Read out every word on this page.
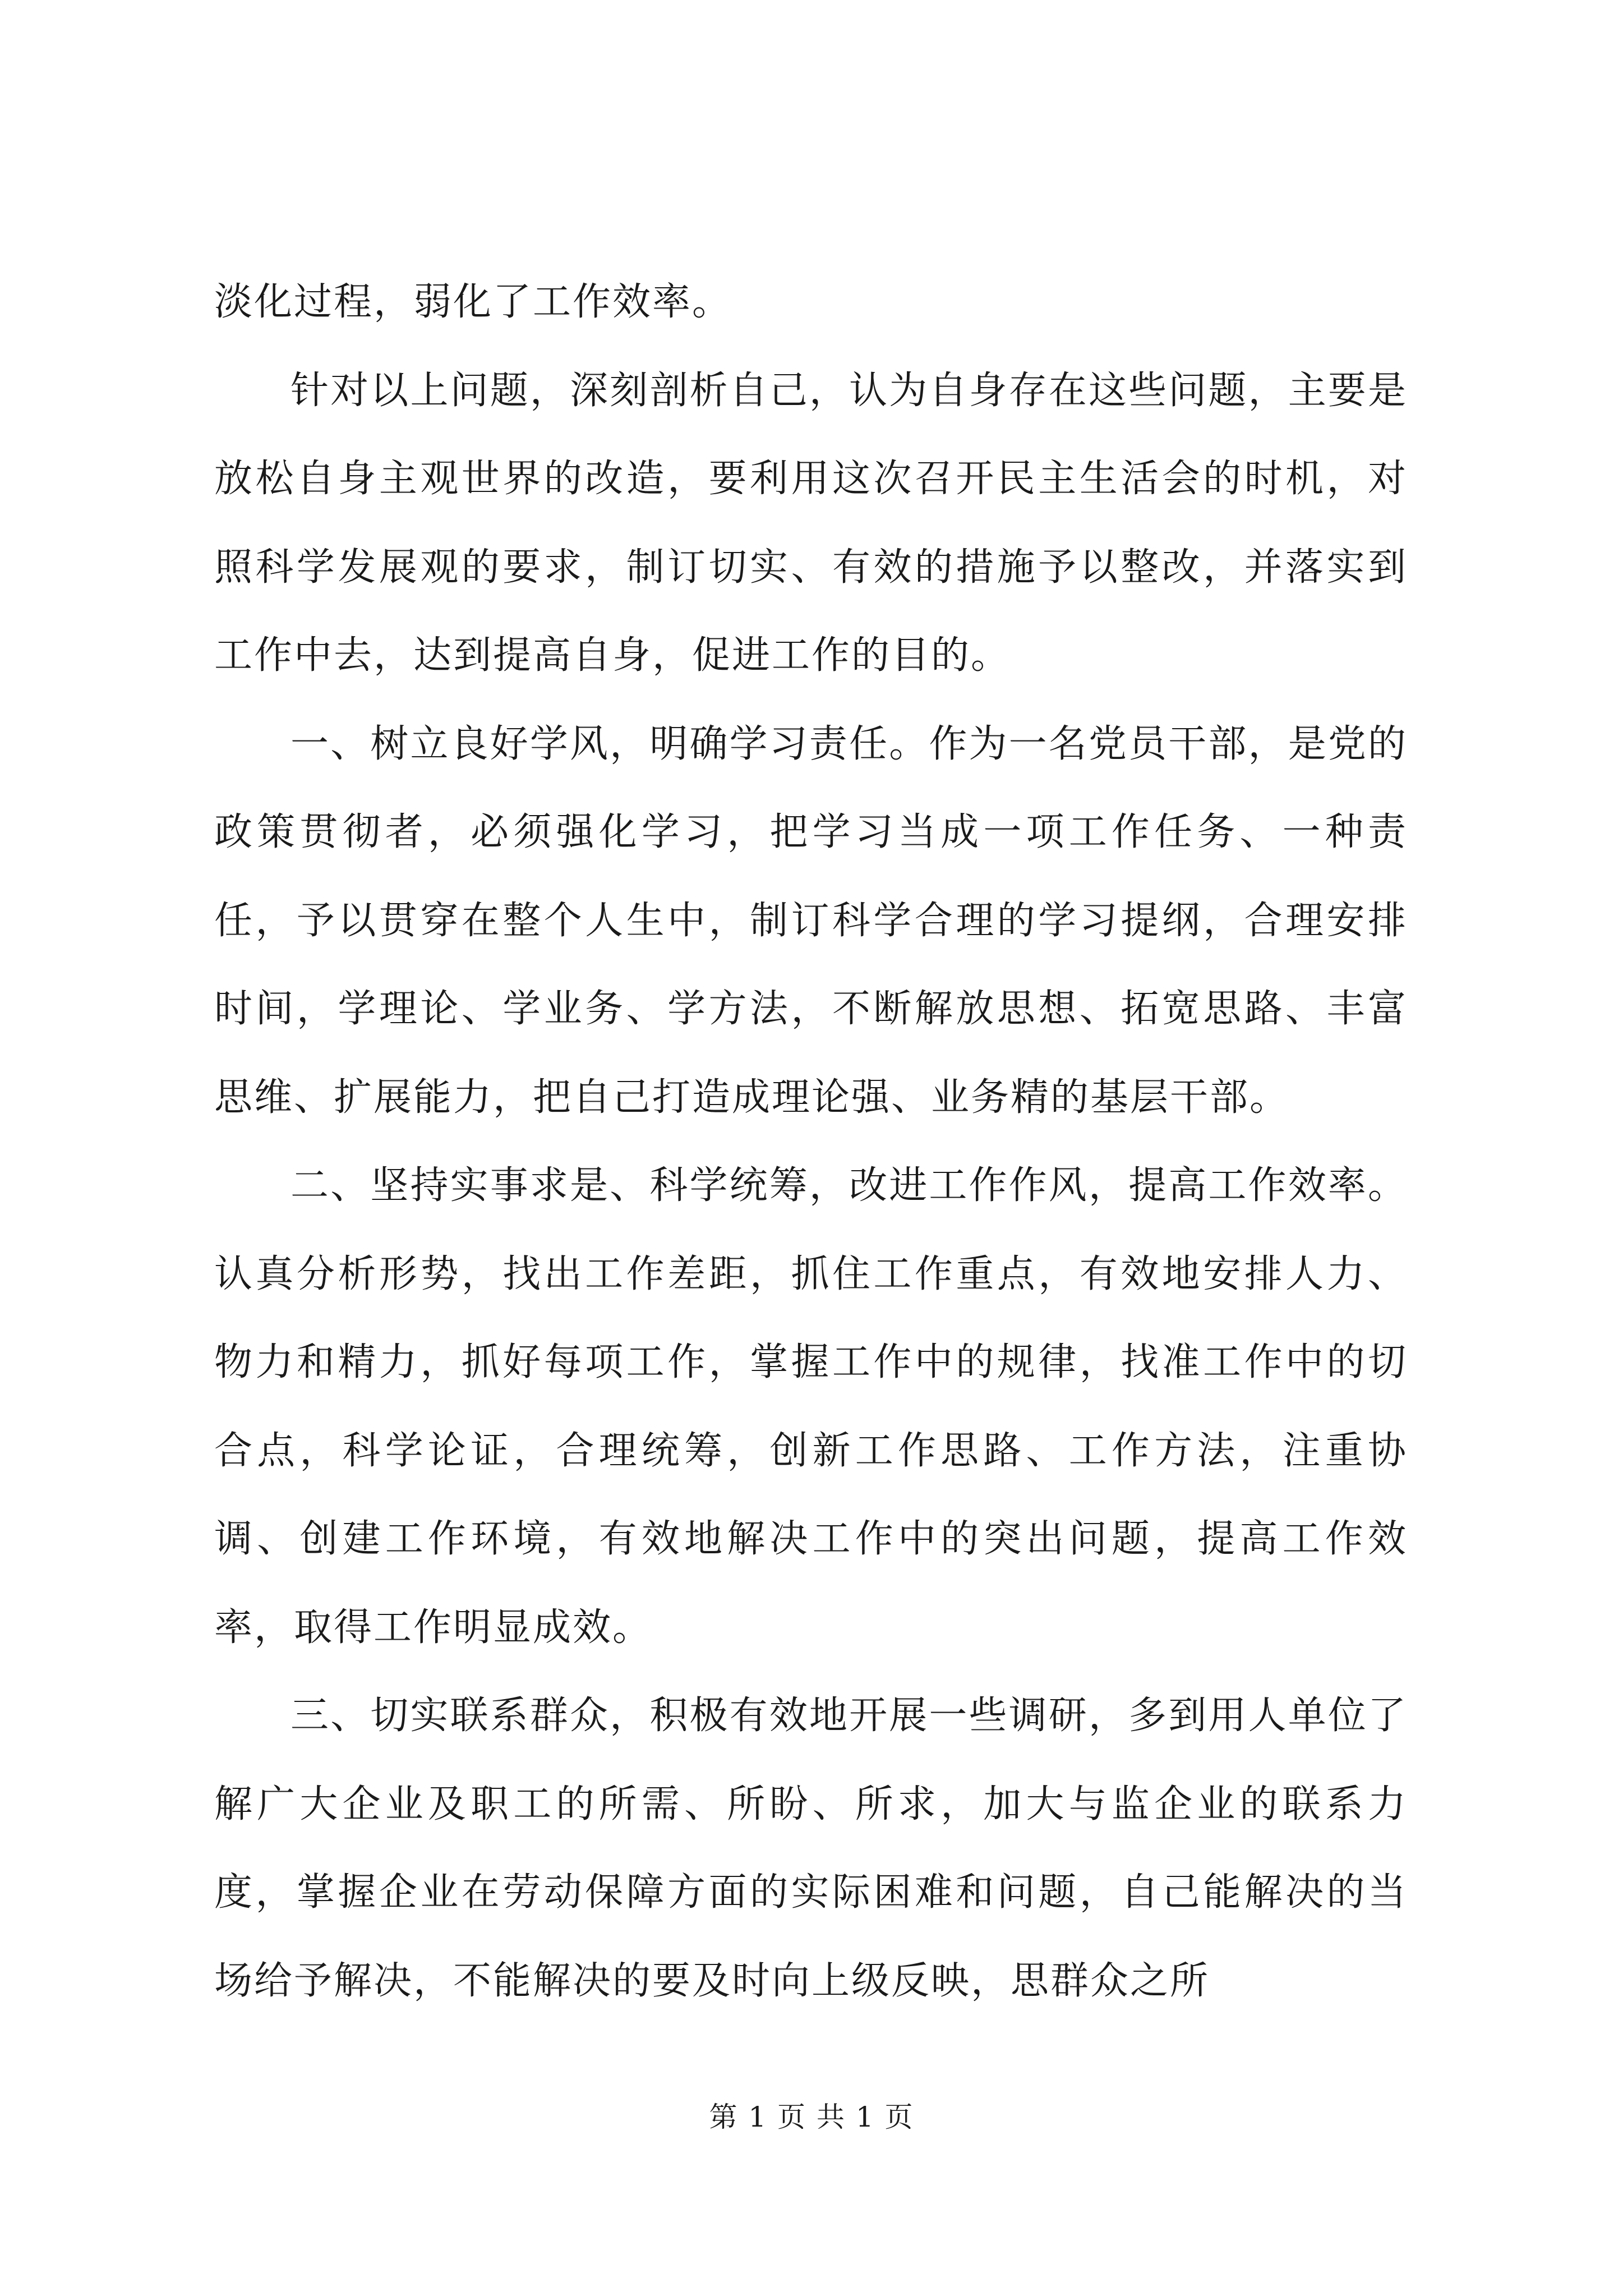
淡化过程，弱化了工作效率。

针对以上问题，深刻剖析自己，认为自身存在这些问题，主要是放松自身主观世界的改造，要利用这次召开民主生活会的时机，对照科学发展观的要求，制订切实、有效的措施予以整改，并落实到工作中去，达到提高自身，促进工作的目的。

一、树立良好学风，明确学习责任。作为一名党员干部，是党的政策贯彻者，必须强化学习，把学习当成一项工作任务、一种责任，予以贯穿在整个人生中，制订科学合理的学习提纲，合理安排时间，学理论、学业务、学方法，不断解放思想、拓宽思路、丰富思维、扩展能力，把自己打造成理论强、业务精的基层干部。

二、坚持实事求是、科学统筹，改进工作作风，提高工作效率。认真分析形势，找出工作差距，抓住工作重点，有效地安排人力、物力和精力，抓好每项工作，掌握工作中的规律，找准工作中的切合点，科学论证，合理统筹，创新工作思路、工作方法，注重协调、创建工作环境，有效地解决工作中的突出问题，提高工作效率，取得工作明显成效。

三、切实联系群众，积极有效地开展一些调研，多到用人单位了解广大企业及职工的所需、所盼、所求，加大与监企业的联系力度，掌握企业在劳动保障方面的实际困难和问题，自己能解决的当场给予解决，不能解决的要及时向上级反映，思群众之所

第 1 页 共 1 页
